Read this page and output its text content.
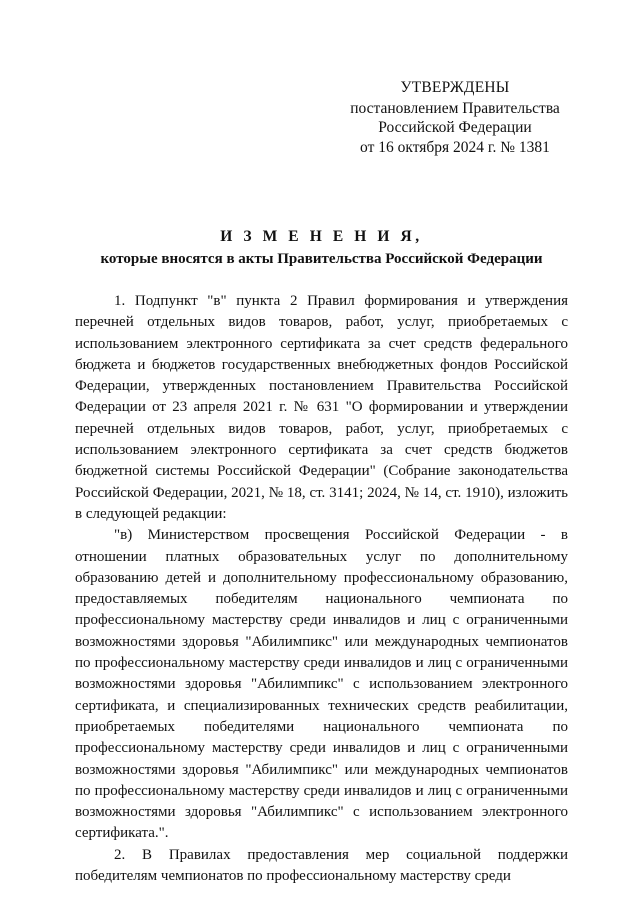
УТВЕРЖДЕНЫ
постановлением Правительства
Российской Федерации
от 16 октября 2024 г. № 1381
И З М Е Н Е Н И Я,
которые вносятся в акты Правительства Российской Федерации

1. Подпункт "в" пункта 2 Правил формирования и утверждения перечней отдельных видов товаров, работ, услуг, приобретаемых с использованием электронного сертификата за счет средств федерального бюджета и бюджетов государственных внебюджетных фондов Российской Федерации, утвержденных постановлением Правительства Российской Федерации от 23 апреля 2021 г. № 631 "О формировании и утверждении перечней отдельных видов товаров, работ, услуг, приобретаемых с использованием электронного сертификата за счет средств бюджетов бюджетной системы Российской Федерации" (Собрание законодательства Российской Федерации, 2021, № 18, ст. 3141; 2024, № 14, ст. 1910), изложить в следующей редакции:

"в) Министерством просвещения Российской Федерации - в отношении платных образовательных услуг по дополнительному образованию детей и дополнительному профессиональному образованию, предоставляемых победителям национального чемпионата по профессиональному мастерству среди инвалидов и лиц с ограниченными возможностями здоровья "Абилимпикс" или международных чемпионатов по профессиональному мастерству среди инвалидов и лиц с ограниченными возможностями здоровья "Абилимпикс" с использованием электронного сертификата, и специализированных технических средств реабилитации, приобретаемых победителями национального чемпионата по профессиональному мастерству среди инвалидов и лиц с ограниченными возможностями здоровья "Абилимпикс" или международных чемпионатов по профессиональному мастерству среди инвалидов и лиц с ограниченными возможностями здоровья "Абилимпикс" с использованием электронного сертификата.".

2. В Правилах предоставления мер социальной поддержки победителям чемпионатов по профессиональному мастерству среди
